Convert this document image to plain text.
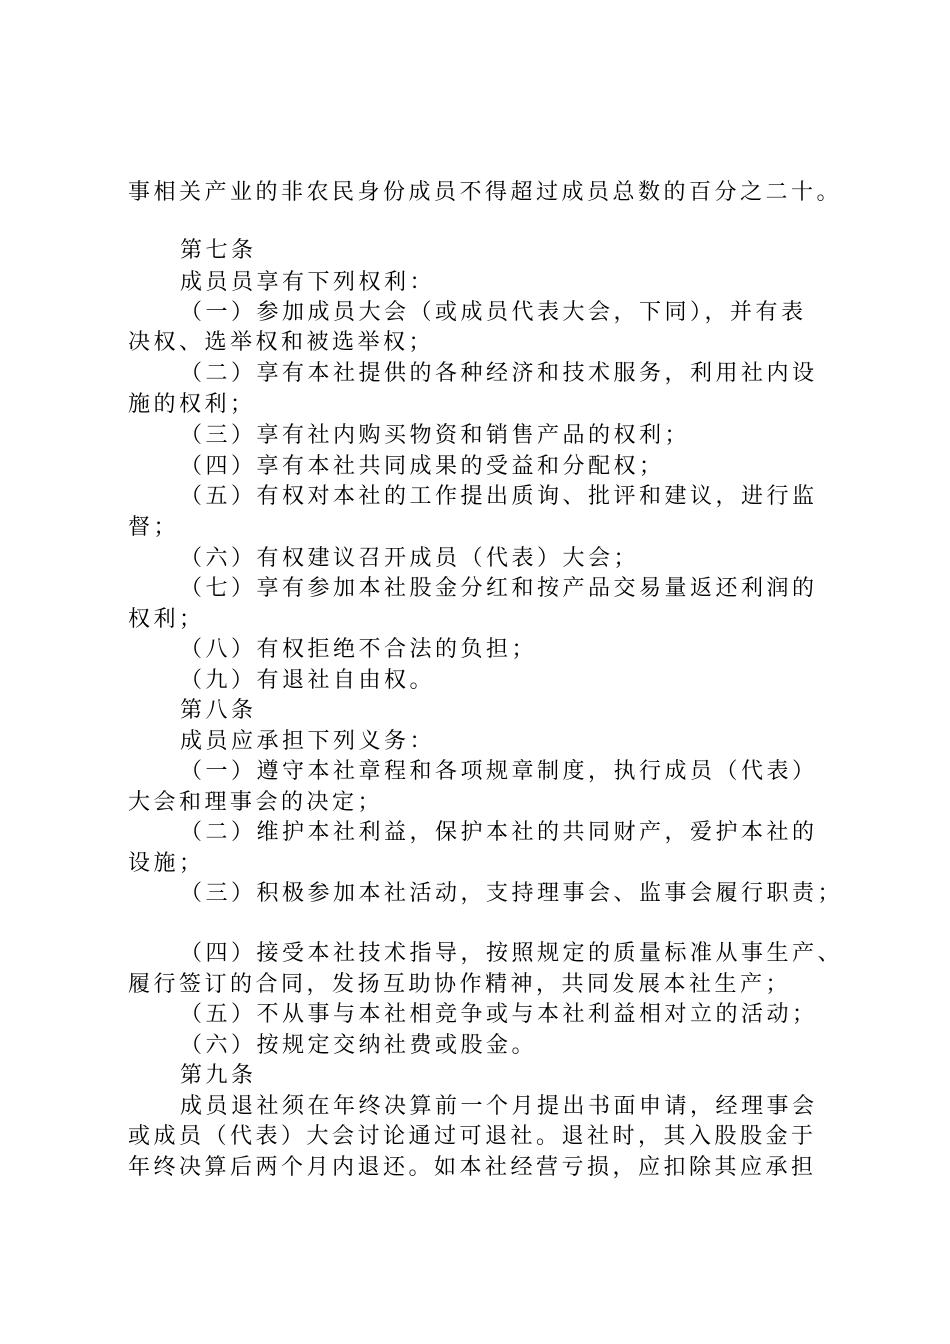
事相关产业的非农民身份成员不得超过成员总数的百分之二十。
第七条
成员员享有下列权利：
（一）参加成员大会（或成员代表大会，下同），并有表
决权、选举权和被选举权；
（二）享有本社提供的各种经济和技术服务，利用社内设
施的权利；
（三）享有社内购买物资和销售产品的权利；
（四）享有本社共同成果的受益和分配权；
（五）有权对本社的工作提出质询、批评和建议，进行监
督；
（六）有权建议召开成员（代表）大会；
（七）享有参加本社股金分红和按产品交易量返还利润的
权利；
（八）有权拒绝不合法的负担；
（九）有退社自由权。
第八条
成员应承担下列义务：
（一）遵守本社章程和各项规章制度，执行成员（代表）
大会和理事会的决定；
（二）维护本社利益，保护本社的共同财产，爱护本社的
设施；
（三）积极参加本社活动，支持理事会、监事会履行职责；
（四）接受本社技术指导，按照规定的质量标准从事生产、
履行签订的合同，发扬互助协作精神，共同发展本社生产；
（五）不从事与本社相竞争或与本社利益相对立的活动；
（六）按规定交纳社费或股金。
第九条
成员退社须在年终决算前一个月提出书面申请，经理事会
或成员（代表）大会讨论通过可退社。退社时，其入股股金于
年终决算后两个月内退还。如本社经营亏损，应扣除其应承担
